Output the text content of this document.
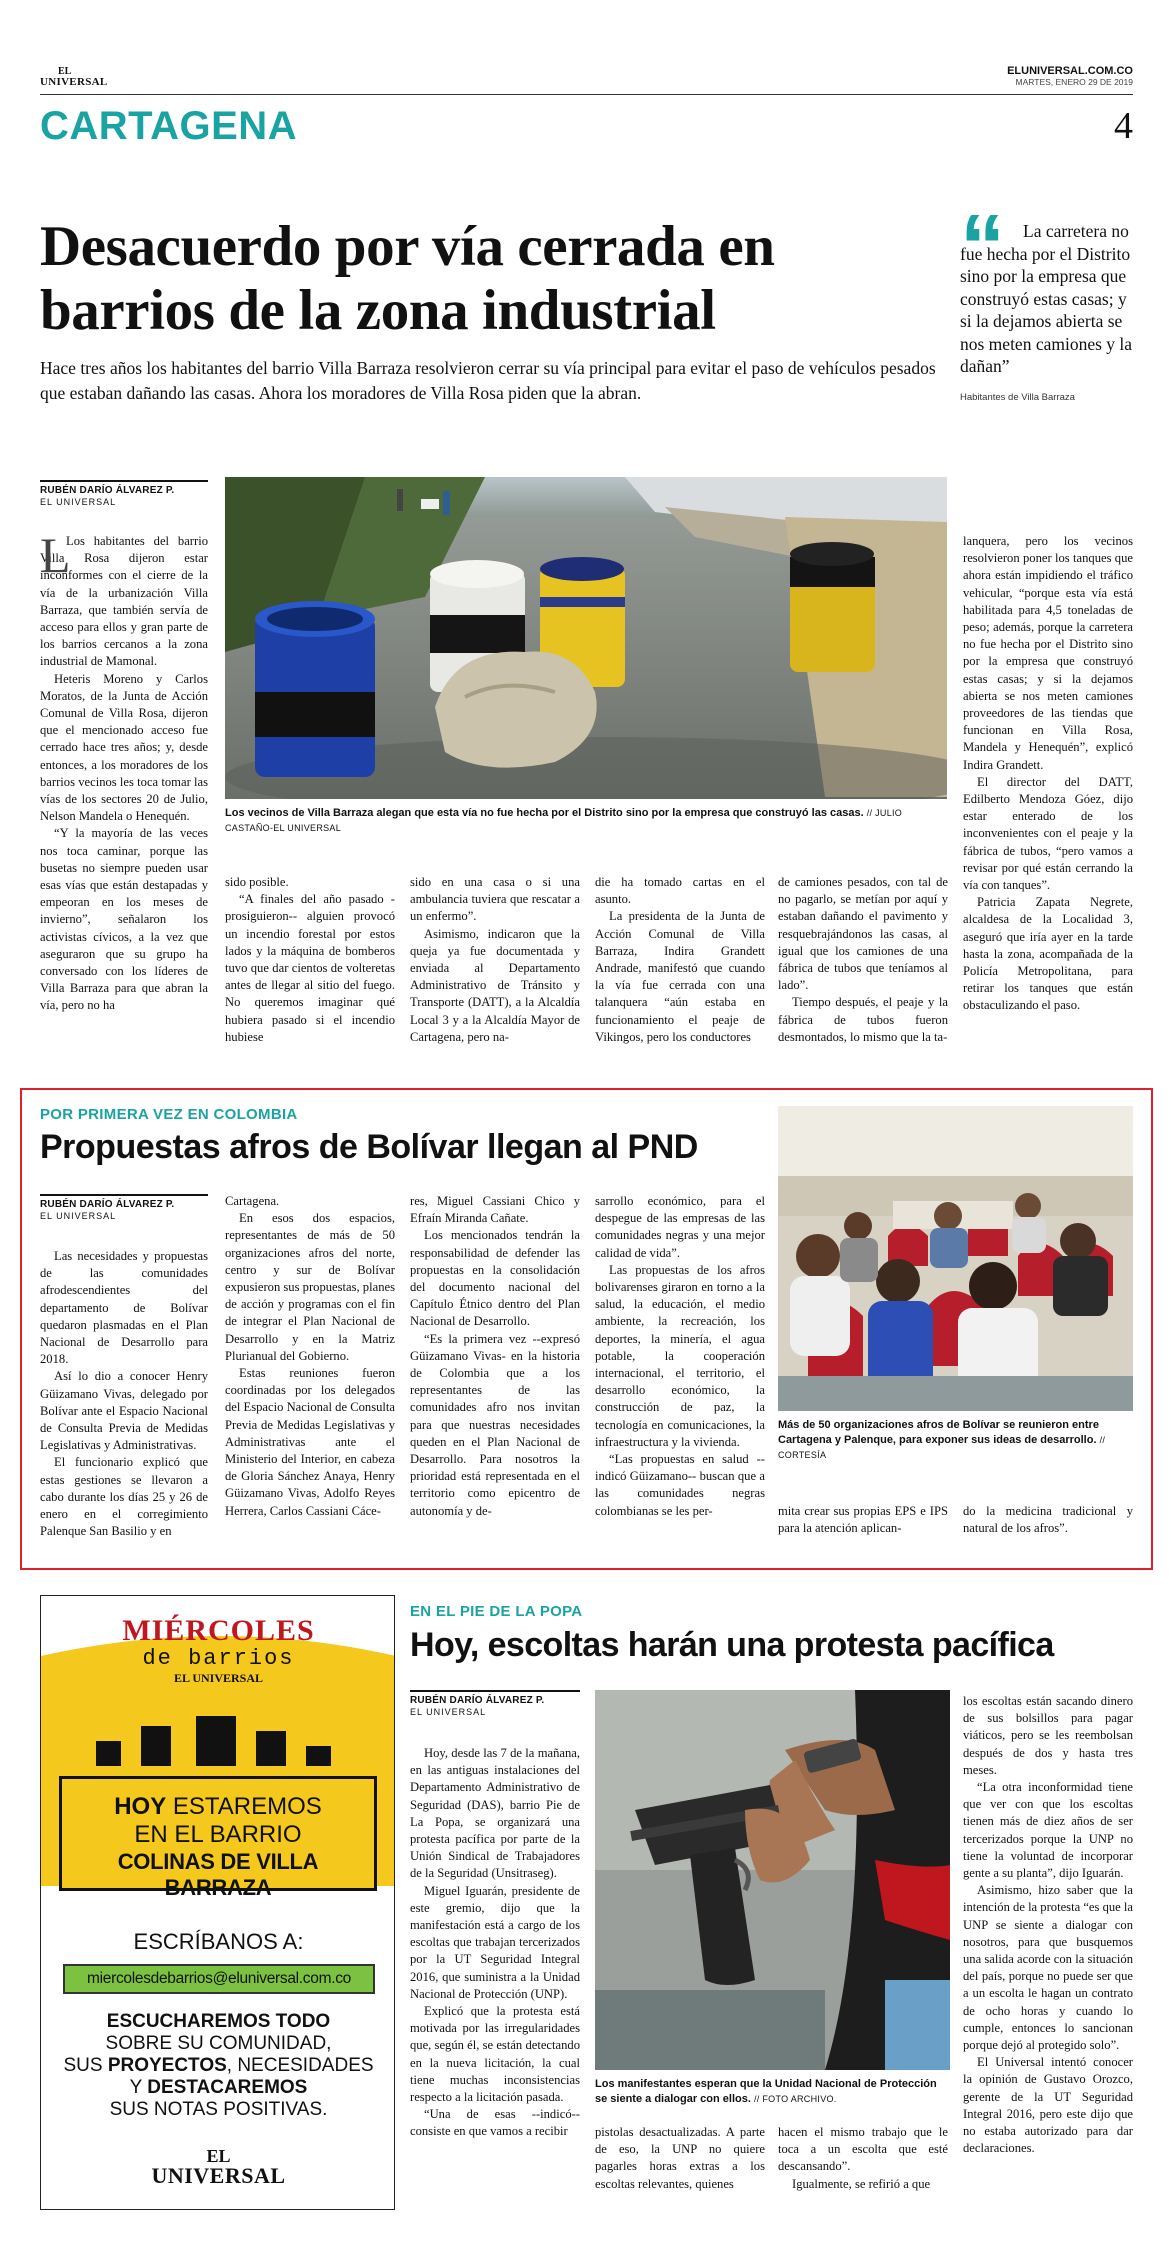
EL
UNIVERSAL
ELUNIVERSAL.COM.CO
MARTES, ENERO 29 DE 2019
CARTAGENA	4
Desacuerdo por vía cerrada en
barrios de la zona industrial
Hace tres años los habitantes del barrio Villa Barraza resolvieron cerrar su vía principal para evitar el paso de vehículos pesados que estaban dañando las casas. Ahora los moradores de Villa Rosa piden que la abran.
“	La carretera no fue hecha por el Distrito sino por la empresa que construyó estas casas; y si la dejamos abierta se nos meten camiones y la dañan”
Habitantes de Villa Barraza
RUBÉN DARÍO ÁLVAREZ P.
EL UNIVERSAL
Los vecinos de Villa Barraza alegan que esta vía no fue hecha por el Distrito sino por la empresa que construyó las casas. // JULIO CASTAÑO-EL UNIVERSAL
L

Los habitantes del barrio Villa Rosa dijeron estar inconformes con el cierre de la vía de la urbanización Villa Barraza, que también servía de acceso para ellos y gran parte de los barrios cercanos a la zona industrial de Mamonal.

Heteris Moreno y Carlos Moratos, de la Junta de Acción Comunal de Villa Rosa, dijeron que el mencionado acceso fue cerrado hace tres años; y, desde entonces, a los moradores de los barrios vecinos les toca tomar las vías de los sectores 20 de Julio, Nelson Mandela o Henequén.

“Y la mayoría de las veces nos toca caminar, porque las busetas no siempre pueden usar esas vías que están destapadas y empeoran en los meses de invierno”, señalaron los activistas cívicos, a la vez que aseguraron que su grupo ha conversado con los líderes de Villa Barraza para que abran la vía, pero no ha

sido posible.

“A finales del año pasado -prosiguieron-- alguien provocó un incendio forestal por estos lados y la máquina de bomberos tuvo que dar cientos de volteretas antes de llegar al sitio del fuego. No queremos imaginar qué hubiera pasado si el incendio hubiese

sido en una casa o si una ambulancia tuviera que rescatar a un enfermo”.

Asimismo, indicaron que la queja ya fue documentada y enviada al Departamento Administrativo de Tránsito y Transporte (DATT), a la Alcaldía Local 3 y a la Alcaldía Mayor de Cartagena, pero na-

die ha tomado cartas en el asunto.

La presidenta de la Junta de Acción Comunal de Villa Barraza, Indira Grandett Andrade, manifestó que cuando la vía fue cerrada con una talanquera “aún estaba en funcionamiento el peaje de Vikingos, pero los conductores

de camiones pesados, con tal de no pagarlo, se metían por aquí y estaban dañando el pavimento y resquebrajándonos las casas, al igual que los camiones de una fábrica de tubos que teníamos al lado”.

Tiempo después, el peaje y la fábrica de tubos fueron desmontados, lo mismo que la ta-

lanquera, pero los vecinos resolvieron poner los tanques que ahora están impidiendo el tráfico vehicular, “porque esta vía está habilitada para 4,5 toneladas de peso; además, porque la carretera no fue hecha por el Distrito sino por la empresa que construyó estas casas; y si la dejamos abierta se nos meten camiones proveedores de las tiendas que funcionan en Villa Rosa, Mandela y Henequén”, explicó Indira Grandett.

El director del DATT, Edilberto Mendoza Góez, dijo estar enterado de los inconvenientes con el peaje y la fábrica de tubos, “pero vamos a revisar por qué están cerrando la vía con tanques”.

Patricia Zapata Negrete, alcaldesa de la Localidad 3, aseguró que iría ayer en la tarde hasta la zona, acompañada de la Policía Metropolitana, para retirar los tanques que están obstaculizando el paso.

POR PRIMERA VEZ EN COLOMBIA
Propuestas afros de Bolívar llegan al PND
RUBÉN DARÍO ÁLVAREZ P.
EL UNIVERSAL

Las necesidades y propuestas de las comunidades afrodescendientes del departamento de Bolívar quedaron plasmadas en el Plan Nacional de Desarrollo para 2018.

Así lo dio a conocer Henry Güizamano Vivas, delegado por Bolívar ante el Espacio Nacional de Consulta Previa de Medidas Legislativas y Administrativas.

El funcionario explicó que estas gestiones se llevaron a cabo durante los días 25 y 26 de enero en el corregimiento Palenque San Basilio y en

Cartagena.

En esos dos espacios, representantes de más de 50 organizaciones afros del norte, centro y sur de Bolívar expusieron sus propuestas, planes de acción y programas con el fin de integrar el Plan Nacional de Desarrollo y en la Matriz Plurianual del Gobierno.

Estas reuniones fueron coordinadas por los delegados del Espacio Nacional de Consulta Previa de Medidas Legislativas y Administrativas ante el Ministerio del Interior, en cabeza de Gloria Sánchez Anaya, Henry Güizamano Vivas, Adolfo Reyes Herrera, Carlos Cassiani Cáce-

res, Miguel Cassiani Chico y Efraín Miranda Cañate.

Los mencionados tendrán la responsabilidad de defender las propuestas en la consolidación del documento nacional del Capítulo Étnico dentro del Plan Nacional de Desarrollo.

“Es la primera vez --expresó Güizamano Vivas- en la historia de Colombia que a los representantes de las comunidades afro nos invitan para que nuestras necesidades queden en el Plan Nacional de Desarrollo. Para nosotros la prioridad está representada en el territorio como epicentro de autonomía y de-

sarrollo económico, para el despegue de las empresas de las comunidades negras y una mejor calidad de vida”.

Las propuestas de los afros bolivarenses giraron en torno a la salud, la educación, el medio ambiente, la recreación, los deportes, la minería, el agua potable, la cooperación internacional, el territorio, el desarrollo económico, la construcción de paz, la tecnología en comunicaciones, la infraestructura y la vivienda.

“Las propuestas en salud --indicó Güizamano-- buscan que a las comunidades negras colombianas se les per-	mita crear sus propias EPS e IPS para la atención aplican-

do la medicina tradicional y natural de los afros”.

Más de 50 organizaciones afros de Bolívar se reunieron entre Cartagena y Palenque, para exponer sus ideas de desarrollo. // CORTESÍA
MIÉRCOLES
de barrios
EL UNIVERSAL
HOY ESTAREMOS
EN EL BARRIO
COLINAS DE VILLA BARRAZA
ESCRÍBANOS A:
miercolesdebarrios@eluniversal.com.co
ESCUCHAREMOS TODO
SOBRE SU COMUNIDAD,
SUS PROYECTOS, NECESIDADES
Y DESTACAREMOS
SUS NOTAS POSITIVAS.
EL
UNIVERSAL
EN EL PIE DE LA POPA
Hoy, escoltas harán una protesta pacífica
RUBÉN DARÍO ÁLVAREZ P.
EL UNIVERSAL

Hoy, desde las 7 de la mañana, en las antiguas instalaciones del Departamento Administrativo de Seguridad (DAS), barrio Pie de La Popa, se organizará una protesta pacífica por parte de la Unión Sindical de Trabajadores de la Seguridad (Unsitraseg).

Miguel Iguarán, presidente de este gremio, dijo que la manifestación está a cargo de los escoltas que trabajan tercerizados por la UT Seguridad Integral 2016, que suministra a la Unidad Nacional de Protección (UNP).

Explicó que la protesta está motivada por las irregularidades que, según él, se están detectando en la nueva licitación, la cual tiene muchas inconsistencias respecto a la licitación pasada.

“Una de esas --indicó-- consiste en que vamos a recibir

Los manifestantes esperan que la Unidad Nacional de Protección se siente a dialogar con ellos. // FOTO ARCHIVO.

pistolas desactualizadas. A parte de eso, la UNP no quiere pagarles horas extras a los escoltas relevantes, quienes

hacen el mismo trabajo que le toca a un escolta que esté descansando”.

Igualmente, se refirió a que

los escoltas están sacando dinero de sus bolsillos para pagar viáticos, pero se les reembolsan después de dos y hasta tres meses.

“La otra inconformidad tiene que ver con que los escoltas tienen más de diez años de ser tercerizados porque la UNP no tiene la voluntad de incorporar gente a su planta”, dijo Iguarán.

Asimismo, hizo saber que la intención de la protesta “es que la UNP se siente a dialogar con nosotros, para que busquemos una salida acorde con la situación del país, porque no puede ser que a un escolta le hagan un contrato de ocho horas y cuando lo cumple, entonces lo sancionan porque dejó al protegido solo”.

El Universal intentó conocer la opinión de Gustavo Orozco, gerente de la UT Seguridad Integral 2016, pero este dijo que no estaba autorizado para dar declaraciones.
